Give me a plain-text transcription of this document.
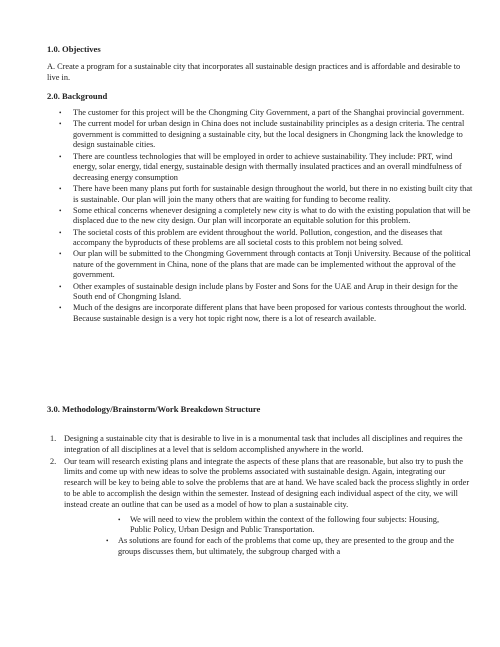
1.0. Objectives

A. Create a program for a sustainable city that incorporates all sustainable design practices and is affordable and desirable to live in.

2.0. Background
• The customer for this project will be the Chongming City Government, a part of the Shanghai provincial government.
• The current model for urban design in China does not include sustainability principles as a design criteria. The central government is committed to designing a sustainable city, but the local designers in Chongming lack the knowledge to design sustainable cities.
• There are countless technologies that will be employed in order to achieve sustainability. They include: PRT, wind energy, solar energy, tidal energy, sustainable design with thermally insulated practices and an overall mindfulness of decreasing energy consumption
• There have been many plans put forth for sustainable design throughout the world, but there in no existing built city that is sustainable. Our plan will join the many others that are waiting for funding to become reality.
• Some ethical concerns whenever designing a completely new city is what to do with the existing population that will be displaced due to the new city design. Our plan will incorporate an equitable solution for this problem.
• The societal costs of this problem are evident throughout the world. Pollution, congestion, and the diseases that accompany the byproducts of these problems are all societal costs to this problem not being solved.
• Our plan will be submitted to the Chongming Government through contacts at Tonji University. Because of the political nature of the government in China, none of the plans that are made can be implemented without the approval of the government.
• Other examples of sustainable design include plans by Foster and Sons for the UAE and Arup in their design for the South end of Chongming Island.
• Much of the designs are incorporate different plans that have been proposed for various contests throughout the world. Because sustainable design is a very hot topic right now, there is a lot of research available.
3.0. Methodology/Brainstorm/Work Breakdown Structure
1. Designing a sustainable city that is desirable to live in is a monumental task that includes all disciplines and requires the integration of all disciplines at a level that is seldom accomplished anywhere in the world.
2. Our team will research existing plans and integrate the aspects of these plans that are reasonable, but also try to push the limits and come up with new ideas to solve the problems associated with sustainable design. Again, integrating our research will be key to being able to solve the problems that are at hand. We have scaled back the process slightly in order to be able to accomplish the design within the semester. Instead of designing each individual aspect of the city, we will instead create an outline that can be used as a model of how to plan a sustainable city.
• We will need to view the problem within the context of the following four subjects: Housing, Public Policy, Urban Design and Public Transportation.
• As solutions are found for each of the problems that come up, they are presented to the group and the groups discusses them, but ultimately, the subgroup charged with a
